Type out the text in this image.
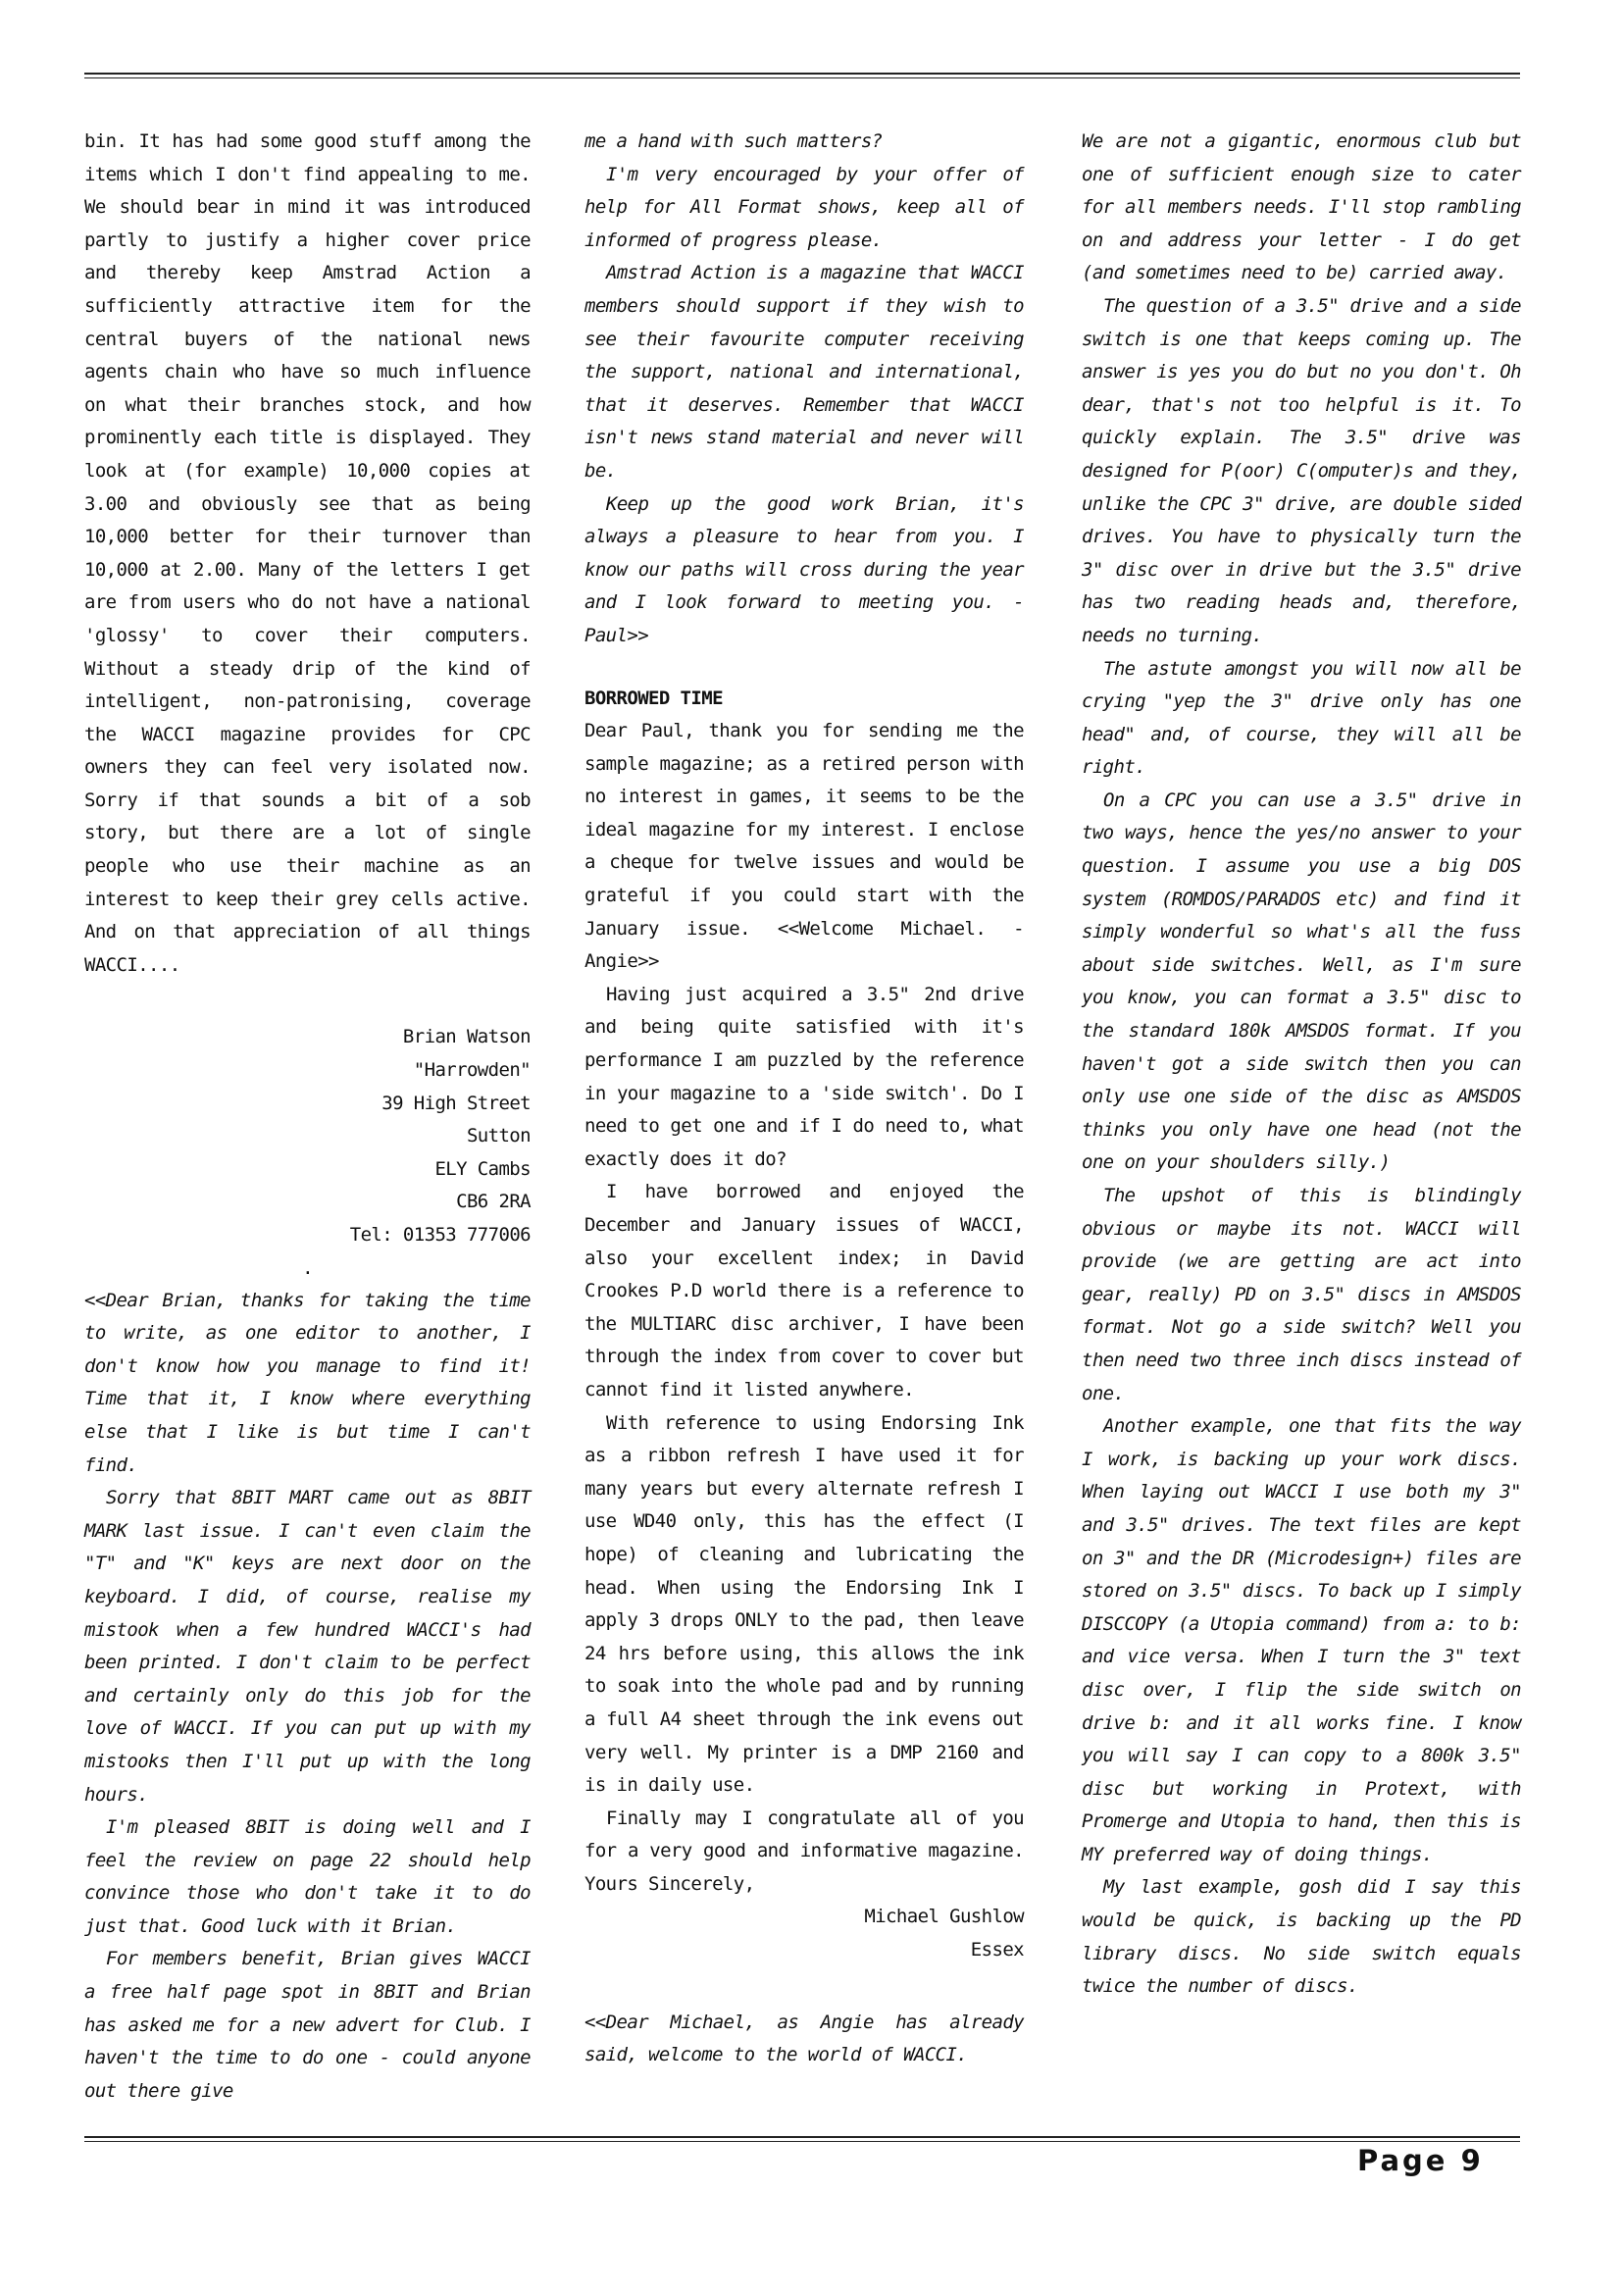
bin. It has had some good stuff among the items which I don't find appealing to me. We should bear in mind it was introduced partly to justify a higher cover price and thereby keep Amstrad Action a sufficiently attractive item for the central buyers of the national news agents chain who have so much influence on what their branches stock, and how prominently each title is displayed. They look at (for example) 10,000 copies at 3.00 and obviously see that as being 10,000 better for their turnover than 10,000 at 2.00. Many of the letters I get are from users who do not have a national 'glossy' to cover their computers. Without a steady drip of the kind of intelligent, non-patronising, coverage the WACCI magazine provides for CPC owners they can feel very isolated now. Sorry if that sounds a bit of a sob story, but there are a lot of single people who use their machine as an interest to keep their grey cells active. And on that appreciation of all things WACCI....

Brian Watson

"Harrowden"

39 High Street

Sutton

ELY Cambs

CB6 2RA

Tel: 01353 777006

.

<<Dear Brian, thanks for taking the time to write, as one editor to another, I don't know how you manage to find it! Time that it, I know where everything else that I like is but time I can't find.

Sorry that 8BIT MART came out as 8BIT MARK last issue. I can't even claim the "T" and "K" keys are next door on the keyboard. I did, of course, realise my mistook when a few hundred WACCI's had been printed. I don't claim to be perfect and certainly only do this job for the love of WACCI. If you can put up with my mistooks then I'll put up with the long hours.

I'm pleased 8BIT is doing well and I feel the review on page 22 should help convince those who don't take it to do just that. Good luck with it Brian.

For members benefit, Brian gives WACCI a free half page spot in 8BIT and Brian has asked me for a new advert for Club. I haven't the time to do one - could anyone out there give

me a hand with such matters?

I'm very encouraged by your offer of help for All Format shows, keep all of informed of progress please.

Amstrad Action is a magazine that WACCI members should support if they wish to see their favourite computer receiving the support, national and international, that it deserves. Remember that WACCI isn't news stand material and never will be.

Keep up the good work Brian, it's always a pleasure to hear from you. I know our paths will cross during the year and I look forward to meeting you. -Paul>>

BORROWED TIME

Dear Paul, thank you for sending me the sample magazine; as a retired person with no interest in games, it seems to be the ideal magazine for my interest. I enclose a cheque for twelve issues and would be grateful if you could start with the January issue. <<Welcome Michael. -Angie>>

Having just acquired a 3.5" 2nd drive and being quite satisfied with it's performance I am puzzled by the reference in your magazine to a 'side switch'. Do I need to get one and if I do need to, what exactly does it do?

I have borrowed and enjoyed the December and January issues of WACCI, also your excellent index; in David Crookes P.D world there is a reference to the MULTIARC disc archiver, I have been through the index from cover to cover but cannot find it listed anywhere.

With reference to using Endorsing Ink as a ribbon refresh I have used it for many years but every alternate refresh I use WD40 only, this has the effect (I hope) of cleaning and lubricating the head. When using the Endorsing Ink I apply 3 drops ONLY to the pad, then leave 24 hrs before using, this allows the ink to soak into the whole pad and by running a full A4 sheet through the ink evens out very well. My printer is a DMP 2160 and is in daily use.

Finally may I congratulate all of you for a very good and informative magazine. Yours Sincerely,

Michael Gushlow

Essex

<<Dear Michael, as Angie has already said, welcome to the world of WACCI.

We are not a gigantic, enormous club but one of sufficient enough size to cater for all members needs. I'll stop rambling on and address your letter - I do get (and sometimes need to be) carried away.

The question of a 3.5" drive and a side switch is one that keeps coming up. The answer is yes you do but no you don't. Oh dear, that's not too helpful is it. To quickly explain. The 3.5" drive was designed for P(oor) C(omputer)s and they, unlike the CPC 3" drive, are double sided drives. You have to physically turn the 3" disc over in drive but the 3.5" drive has two reading heads and, therefore, needs no turning.

The astute amongst you will now all be crying "yep the 3" drive only has one head" and, of course, they will all be right.

On a CPC you can use a 3.5" drive in two ways, hence the yes/no answer to your question. I assume you use a big DOS system (ROMDOS/PARADOS etc) and find it simply wonderful so what's all the fuss about side switches. Well, as I'm sure you know, you can format a 3.5" disc to the standard 180k AMSDOS format. If you haven't got a side switch then you can only use one side of the disc as AMSDOS thinks you only have one head (not the one on your shoulders silly.)

The upshot of this is blindingly obvious or maybe its not. WACCI will provide (we are getting are act into gear, really) PD on 3.5" discs in AMSDOS format. Not go a side switch? Well you then need two three inch discs instead of one.

Another example, one that fits the way I work, is backing up your work discs. When laying out WACCI I use both my 3" and 3.5" drives. The text files are kept on 3" and the DR (Microdesign+) files are stored on 3.5" discs. To back up I simply DISCCOPY (a Utopia command) from a: to b: and vice versa. When I turn the 3" text disc over, I flip the side switch on drive b: and it all works fine. I know you will say I can copy to a 800k 3.5" disc but working in Protext, with Promerge and Utopia to hand, then this is MY preferred way of doing things.

My last example, gosh did I say this would be quick, is backing up the PD library discs. No side switch equals twice the number of discs.

Page 9
